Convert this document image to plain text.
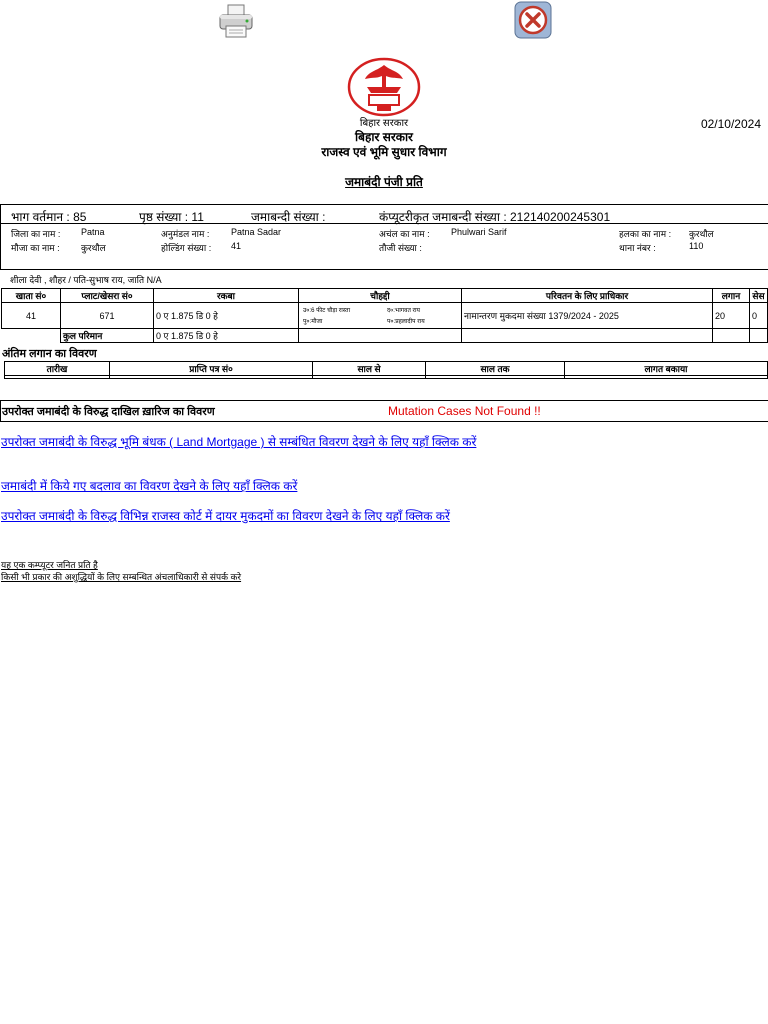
बिहार सरकार
बिहार सरकार
राजस्व एवं भूमि सुधार विभाग
02/10/2024
जमाबंदी पंजी प्रति
भाग वर्तमान : 85	पृष्ठ संख्या : 11	जमाबन्दी संख्या :	कंप्यूटरीकृत जमाबन्दी संख्या : 212140200245301
जिला का नाम : Patna	अनुमंडल नाम : Patna Sadar	अचंल का नाम : Phulwari Sarif	हलका का नाम : कुरथौल
मौजा का नाम : कुरथौल	होल्डिंग संख्या : 41	तौजी संख्या :	थाना नंबर :	110
शीला देवी , शौहर / पति-सुभाष राय, जाति N/A
खाता सं०	प्लाट/खेसरा सं०	रकबा	चौहद्दी	परिवतन के लिए प्राधिकार	लगान	सेस
41	671	0 ए 1.875 डि 0 हे	उ०:6 फीट चौड़ा रास्ता द०:भागवत राय
पु०:मौजा प०:प्रहलादीप राय	नामान्तरण मुकदमा संख्या 1379/2024 - 2025	20	0
	कुल परिमान	0 ए 1.875 डि 0 हे				
अंतिम लगान का विवरण
तारीख	प्राप्ति पत्र सं०	साल से	साल तक	लागत बकाया

उपरोक्त जमाबंदी के विरुद्ध दाखिल ख़ारिज का विवरण	Mutation Cases Not Found !!
उपरोक्त जमाबंदी के विरुद्ध भूमि बंधक ( Land Mortgage ) से सम्बंधित विवरण देखने के लिए यहाँ क्लिक करें
जमाबंदी में किये गए बदलाव का विवरण देखने के लिए यहाँ क्लिक करें
उपरोक्त जमाबंदी के विरुद्ध विभिन्न राजस्व कोर्ट में दायर मुकदमों का विवरण देखने के लिए यहाँ क्लिक करें
यह एक कम्प्यूटर जनित प्रति है
किसी भी प्रकार की अशुद्धियों के लिए सम्बन्धित अंचलाधिकारी से संपर्क करे
